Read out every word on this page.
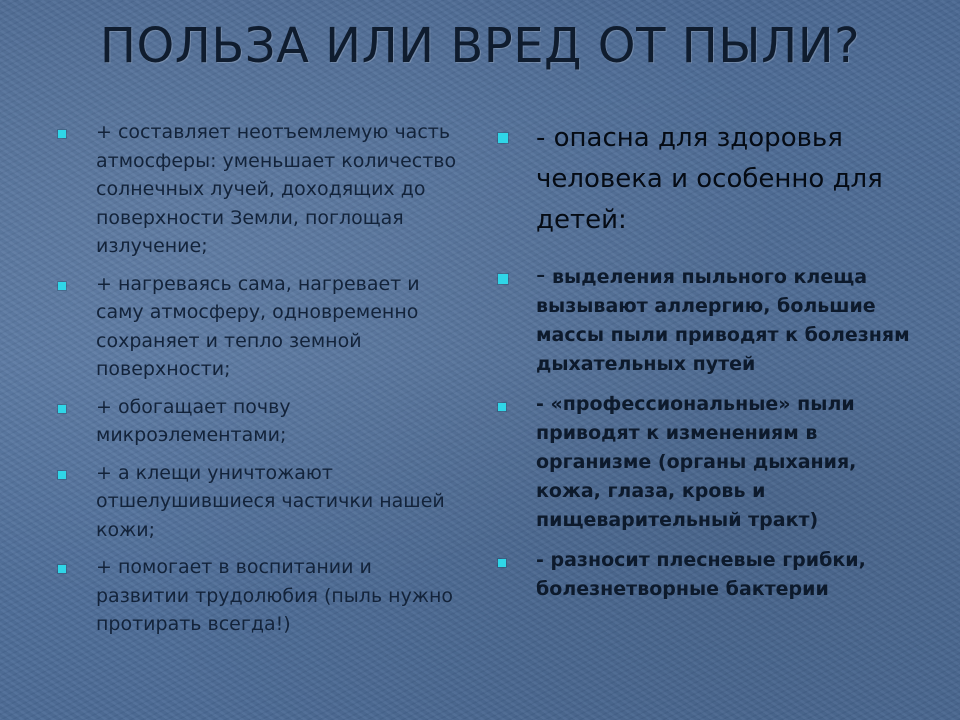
ПОЛЬЗА ИЛИ ВРЕД ОТ ПЫЛИ?
+ составляет неотъемлемую часть атмосферы: уменьшает количество солнечных лучей, доходящих до поверхности Земли, поглощая излучение;
+ нагреваясь сама, нагревает и саму атмосферу, одновременно сохраняет и тепло земной поверхности;
+ обогащает почву микроэлементами;
+ а клещи уничтожают отшелушившиеся частички нашей кожи;
+ помогает в воспитании и развитии трудолюбия (пыль нужно протирать всегда!)
- опасна для здоровья человека и особенно для детей:
- выделения пыльного клеща вызывают аллергию, большие массы пыли приводят к болезням дыхательных путей
- «профессиональные» пыли приводят к изменениям в организме (органы дыхания, кожа, глаза, кровь и пищеварительный тракт)
- разносит плесневые грибки, болезнетворные бактерии
